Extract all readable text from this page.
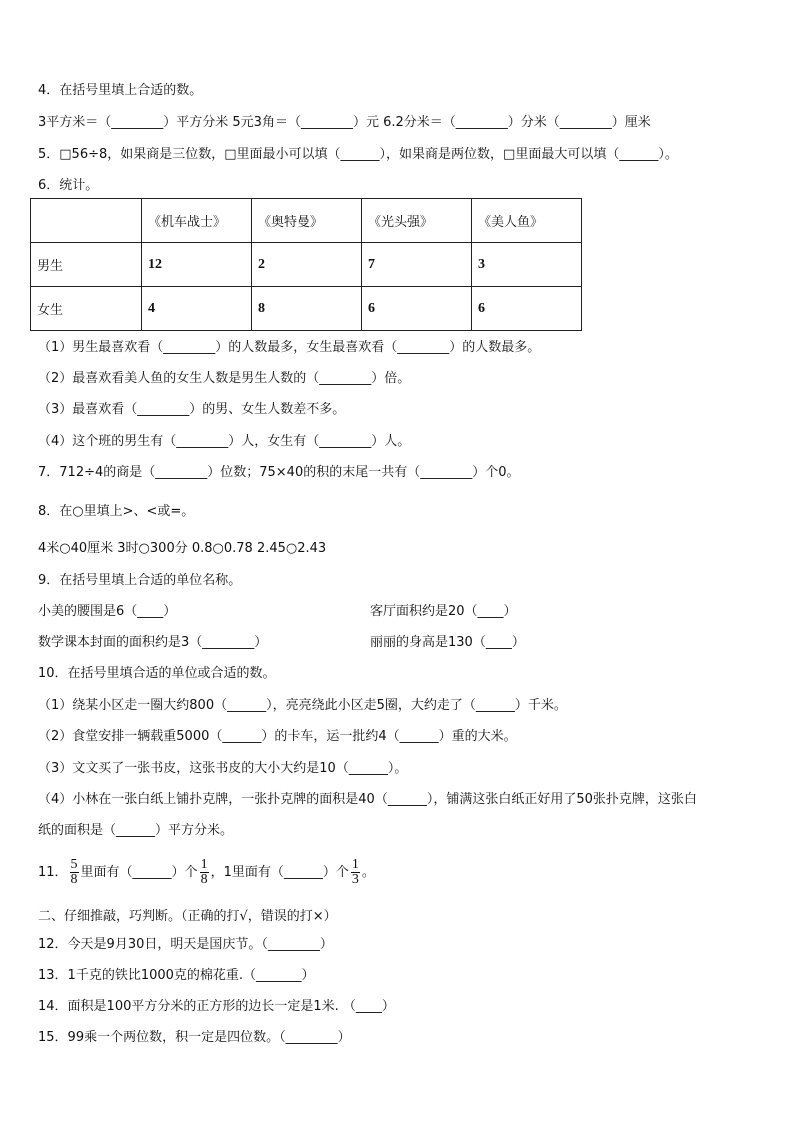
4．在括号里填上合适的数。
3平方米＝（________）平方分米 5元3角＝（________）元 6.2分米＝（________）分米（________）厘米
5．□56÷8，如果商是三位数，□里面最小可以填（______），如果商是两位数，□里面最大可以填（______）。
6．统计。
	《机车战士》	《奥特曼》	《光头强》	《美人鱼》
男生	12	2	7	3
女生	4	8	6	6
（1）男生最喜欢看（________）的人数最多，女生最喜欢看（________）的人数最多。
（2）最喜欢看美人鱼的女生人数是男生人数的（________）倍。
（3）最喜欢看（________）的男、女生人数差不多。
（4）这个班的男生有（________）人，女生有（________）人。
7．712÷4的商是（________）位数；75×40的积的末尾一共有（________）个0。
8．在○里填上>、<或=。
4米○40厘米 3时○300分 0.8○0.78 2.45○2.43
9．在括号里填上合适的单位名称。
小美的腰围是6（____）	客厅面积约是20（____）
数学课本封面的面积约是3（________）	丽丽的身高是130（____）
10．在括号里填合适的单位或合适的数。
（1）绕某小区走一圈大约800（______），亮亮绕此小区走5圈，大约走了（______）千米。
（2）食堂安排一辆载重5000（______）的卡车，运一批约4（______）重的大米。
（3）文文买了一张书皮，这张书皮的大小大约是10（______）。
（4）小林在一张白纸上铺扑克牌，一张扑克牌的面积是40（______），铺满这张白纸正好用了50张扑克牌，这张白
纸的面积是（______）平方分米。
11． $\frac{5}{8}$ 里面有（______）个 $\frac{1}{8}$ ，1里面有（______）个 $\frac{1}{3}$ 。
二、仔细推敲，巧判断。（正确的打√，错误的打×）
12．今天是9月30日，明天是国庆节。（________）
13．1千克的铁比1000克的棉花重.（_______）
14．面积是100平方分米的正方形的边长一定是1米. （____）
15．99乘一个两位数，积一定是四位数。（________）
